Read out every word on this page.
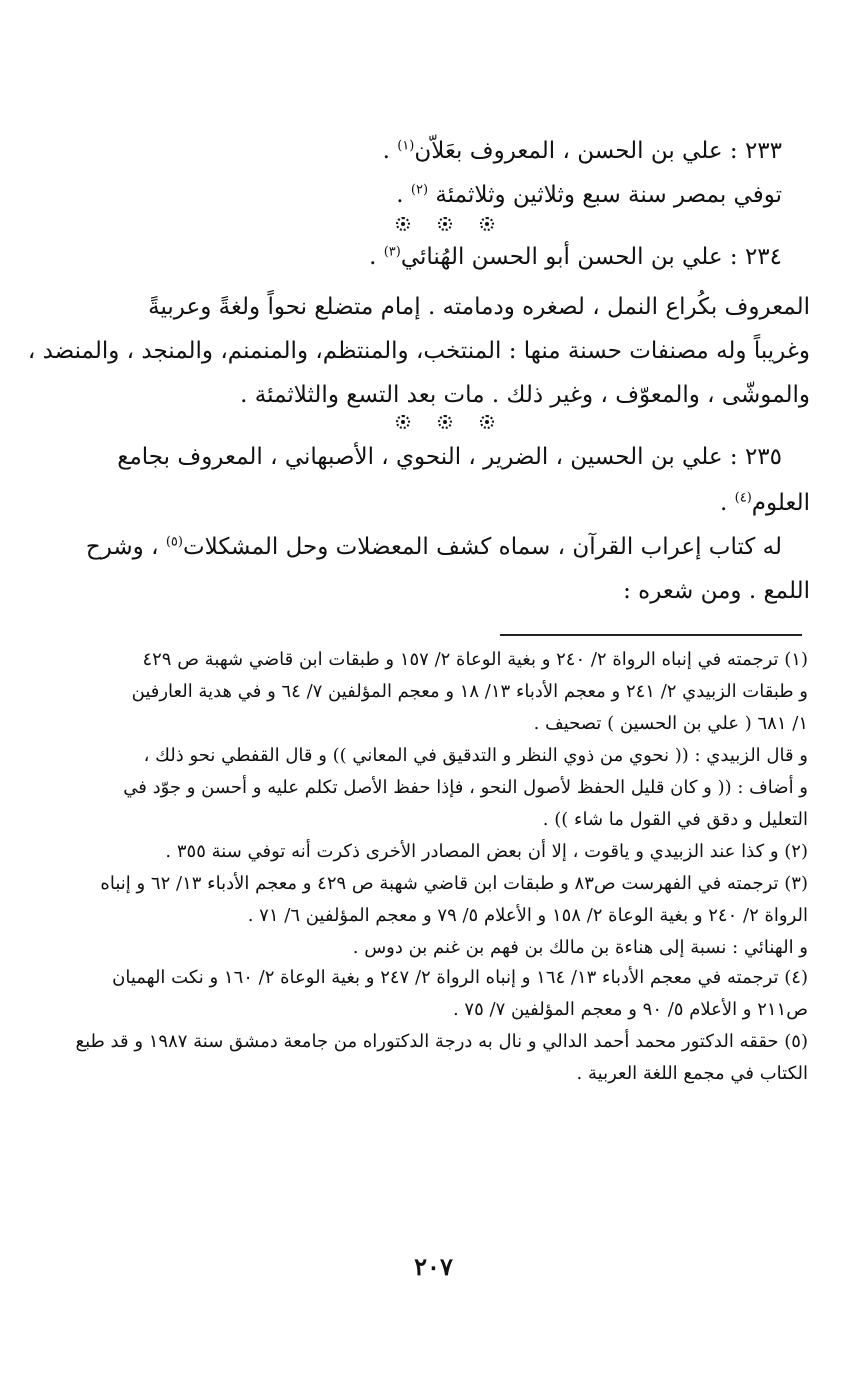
٢٣٣ : علي بن الحسن ، المعروف بعَلاّن$^{(١)}$ .
توفي بمصر سنة سبع وثلاثين وثلاثمئة $^{(٢)}$ .
٢٣٤ : علي بن الحسن أبو الحسن الهُنائي$^{(٣)}$ .
المعروف بكُراع النمل ، لصغره ودمامته . إمام متضلع نحواً ولغةً وعربيةً
وغريباً وله مصنفات حسنة منها : المنتخب، والمنتظم، والمنمنم، والمنجد ، والمنضد ،
والموشّى ، والمعوّف ، وغير ذلك . مات بعد التسع والثلاثمئة .
٢٣٥ : علي بن الحسين ، الضرير ، النحوي ، الأصبهاني ، المعروف بجامع
العلوم$^{(٤)}$ .
له كتاب إعراب القرآن ، سماه كشف المعضلات وحل المشكلات$^{(٥)}$ ، وشرح
اللمع . ومن شعره :
(١) ترجمته في إنباه الرواة ٢/ ٢٤٠ و بغية الوعاة ٢/ ١٥٧ و طبقات ابن قاضي شهبة ص ٤٢٩
و طبقات الزبيدي ٢/ ٢٤١ و معجم الأدباء ١٣/ ١٨ و معجم المؤلفين ٧/ ٦٤ و في هدية العارفين
١/ ٦٨١ ( علي بن الحسين ) تصحيف .
و قال الزبيدي : (( نحوي من ذوي النظر و التدقيق في المعاني )) و قال القفطي نحو ذلك ،
و أضاف : (( و كان قليل الحفظ لأصول النحو ، فإذا حفظ الأصل تكلم عليه و أحسن و جوّد في
التعليل و دقق في القول ما شاء )) .
(٢) و كذا عند الزبيدي و ياقوت ، إلا أن بعض المصادر الأخرى ذكرت أنه توفي سنة ٣٥٥ .
(٣) ترجمته في الفهرست ص٨٣ و طبقات ابن قاضي شهبة ص ٤٢٩ و معجم الأدباء ١٣/ ٦٢ و إنباه
الرواة ٢/ ٢٤٠ و بغية الوعاة ٢/ ١٥٨ و الأعلام ٥/ ٧٩ و معجم المؤلفين ٦/ ٧١ .
و الهنائي : نسبة إلى هناءة بن مالك بن فهم بن غنم بن دوس .
(٤) ترجمته في معجم الأدباء ١٣/ ١٦٤ و إنباه الرواة ٢/ ٢٤٧ و بغية الوعاة ٢/ ١٦٠ و نكت الهميان
ص٢١١ و الأعلام ٥/ ٩٠ و معجم المؤلفين ٧/ ٧٥ .
(٥) حققه الدكتور محمد أحمد الدالي و نال به درجة الدكتوراه من جامعة دمشق سنة ١٩٨٧ و قد طبع
الكتاب في مجمع اللغة العربية .
٢٠٧
